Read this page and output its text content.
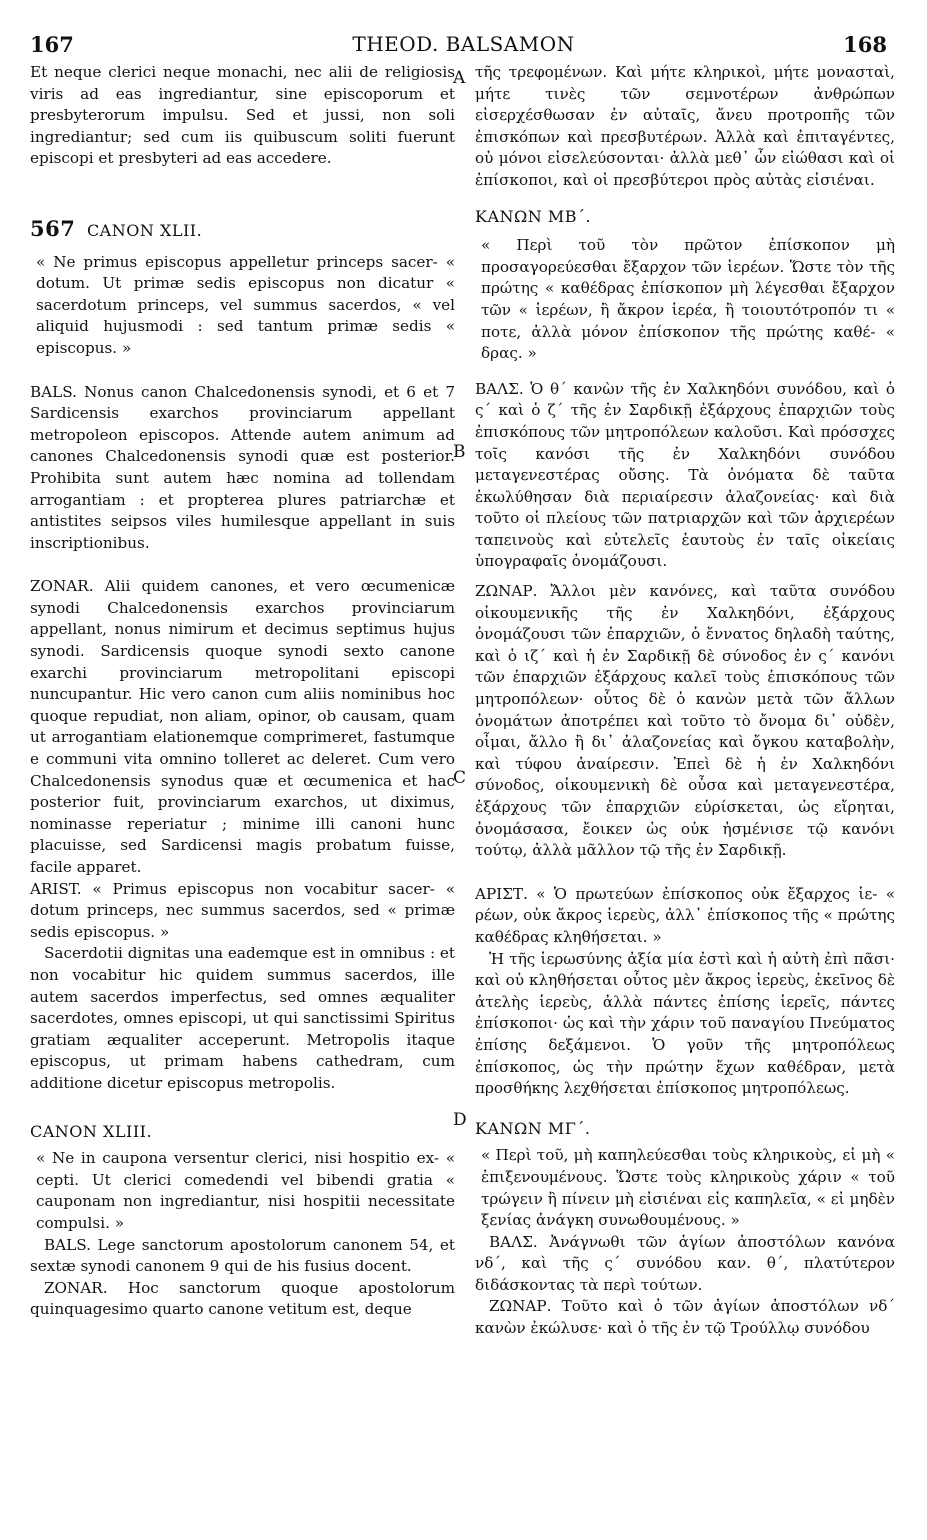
167	THEOD. BALSAMON	168
A
B
C
D

Et neque clerici neque monachi, nec alii de religiosis viris ad eas ingrediantur, sine episcoporum et presbyterorum impulsu. Sed et jussi, non soli ingrediantur; sed cum iis quibuscum soliti fuerunt episcopi et presbyteri ad eas accedere.

567 CANON XLII.

« Ne primus episcopus appelletur princeps sacer- « dotum. Ut primæ sedis episcopus non dicatur « sacerdotum princeps, vel summus sacerdos, « vel aliquid hujusmodi : sed tantum primæ sedis « episcopus. »

BALS. Nonus canon Chalcedonensis synodi, et 6 et 7 Sardicensis exarchos provinciarum appellant metropoleon episcopos. Attende autem animum ad canones Chalcedonensis synodi quæ est posterior. Prohibita sunt autem hæc nomina ad tollendam arrogantiam : et propterea plures patriarchæ et antistites seipsos viles humilesque appellant in suis inscriptionibus.

ZONAR. Alii quidem canones, et vero œcumenicæ synodi Chalcedonensis exarchos provinciarum appellant, nonus nimirum et decimus septimus hujus synodi. Sardicensis quoque synodi sexto canone exarchi provinciarum metropolitani episcopi nuncupantur. Hic vero canon cum aliis nominibus hoc quoque repudiat, non aliam, opinor, ob causam, quam ut arrogantiam elationemque comprimeret, fastumque e communi vita omnino tolleret ac deleret. Cum vero Chalcedonensis synodus quæ et œcumenica et hac posterior fuit, provinciarum exarchos, ut diximus, nominasse reperiatur ; minime illi canoni hunc placuisse, sed Sardicensi magis probatum fuisse, facile apparet.

ARIST. « Primus episcopus non vocabitur sacer- « dotum princeps, nec summus sacerdos, sed « primæ sedis episcopus. »

Sacerdotii dignitas una eademque est in omnibus : et non vocabitur hic quidem summus sacerdos, ille autem sacerdos imperfectus, sed omnes æqualiter sacerdotes, omnes episcopi, ut qui sanctissimi Spiritus gratiam æqualiter acceperunt. Metropolis itaque episcopus, ut primam habens cathedram, cum additione dicetur episcopus metropolis.

CANON XLIII.

« Ne in caupona versentur clerici, nisi hospitio ex- « cepti. Ut clerici comedendi vel bibendi gratia « cauponam non ingrediantur, nisi hospitii necessitate compulsi. »

BALS. Lege sanctorum apostolorum canonem 54, et sextæ synodi canonem 9 qui de his fusius docent.

ZONAR. Hoc sanctorum quoque apostolorum quinquagesimo quarto canone vetitum est, deque

τῆς τρεφομένων. Καὶ μήτε κληρικοὶ, μήτε μονασταὶ, μήτε τινὲς τῶν σεμνοτέρων ἀνθρώπων εἰσερχέσθωσαν ἐν αὐταῖς, ἄνευ προτροπῆς τῶν ἐπισκόπων καὶ πρεσβυτέρων. Ἀλλὰ καὶ ἐπιταγέντες, οὐ μόνοι εἰσελεύσονται· ἀλλὰ μεθ᾽ ὧν εἰώθασι καὶ οἱ ἐπίσκοποι, καὶ οἱ πρεσβύτεροι πρὸς αὐτὰς εἰσιέναι.

ΚΑΝΩΝ ΜΒ΄.

« Περὶ τοῦ τὸν πρῶτον ἐπίσκοπον μὴ προσαγορεύεσθαι ἔξαρχον τῶν ἱερέων. Ὥστε τὸν τῆς πρώτης « καθέδρας ἐπίσκοπον μὴ λέγεσθαι ἔξαρχον τῶν « ἱερέων, ἢ ἄκρον ἱερέα, ἢ τοιουτότροπόν τι « ποτε, ἀλλὰ μόνον ἐπίσκοπον τῆς πρώτης καθέ- « δρας. »

ΒΑΛΣ. Ὁ θ΄ κανὼν τῆς ἐν Χαλκηδόνι συνόδου, καὶ ὁ ς΄ καὶ ὁ ζ΄ τῆς ἐν Σαρδικῇ ἐξάρχους ἐπαρχιῶν τοὺς ἐπισκόπους τῶν μητροπόλεων καλοῦσι. Καὶ πρόσσχες τοῖς κανόσι τῆς ἐν Χαλκηδόνι συνόδου μεταγενεστέρας οὔσης. Τὰ ὀνόματα δὲ ταῦτα ἐκωλύθησαν διὰ περιαίρεσιν ἀλαζονείας· καὶ διὰ τοῦτο οἱ πλείους τῶν πατριαρχῶν καὶ τῶν ἀρχιερέων ταπεινοὺς καὶ εὐτελεῖς ἑαυτοὺς ἐν ταῖς οἰκείαις ὑπογραφαῖς ὀνομάζουσι.

ΖΩΝΑΡ. Ἄλλοι μὲν κανόνες, καὶ ταῦτα συνόδου οἰκουμενικῆς τῆς ἐν Χαλκηδόνι, ἐξάρχους ὀνομάζουσι τῶν ἐπαρχιῶν, ὁ ἔννατος δηλαδὴ ταύτης, καὶ ὁ ιζ΄ καὶ ἡ ἐν Σαρδικῇ δὲ σύνοδος ἐν ς΄ κανόνι τῶν ἐπαρχιῶν ἐξάρχους καλεῖ τοὺς ἐπισκόπους τῶν μητροπόλεων· οὗτος δὲ ὁ κανὼν μετὰ τῶν ἄλλων ὀνομάτων ἀποτρέπει καὶ τοῦτο τὸ ὄνομα δι᾽ οὐδὲν, οἶμαι, ἄλλο ἢ δι᾽ ἀλαζονείας καὶ ὄγκου καταβολὴν, καὶ τύφου ἀναίρεσιν. Ἐπεὶ δὲ ἡ ἐν Χαλκηδόνι σύνοδος, οἰκουμενικὴ δὲ οὖσα καὶ μεταγενεστέρα, ἐξάρχους τῶν ἐπαρχιῶν εὑρίσκεται, ὡς εἴρηται, ὀνομάσασα, ἔοικεν ὡς οὐκ ἠσμένισε τῷ κανόνι τούτῳ, ἀλλὰ μᾶλλον τῷ τῆς ἐν Σαρδικῇ.

ΑΡΙΣΤ. « Ὁ πρωτεύων ἐπίσκοπος οὐκ ἔξαρχος ἱε- « ρέων, οὐκ ἄκρος ἱερεὺς, ἀλλ᾽ ἐπίσκοπος τῆς « πρώτης καθέδρας κληθήσεται. »

Ἡ τῆς ἱερωσύνης ἀξία μία ἐστὶ καὶ ἡ αὐτὴ ἐπὶ πᾶσι· καὶ οὐ κληθήσεται οὗτος μὲν ἄκρος ἱερεὺς, ἐκεῖνος δὲ ἀτελὴς ἱερεὺς, ἀλλὰ πάντες ἐπίσης ἱερεῖς, πάντες ἐπίσκοποι· ὡς καὶ τὴν χάριν τοῦ παναγίου Πνεύματος ἐπίσης δεξάμενοι. Ὁ γοῦν τῆς μητροπόλεως ἐπίσκοπος, ὡς τὴν πρώτην ἔχων καθέδραν, μετὰ προσθήκης λεχθήσεται ἐπίσκοπος μητροπόλεως.

ΚΑΝΩΝ ΜΓ΄.

« Περὶ τοῦ, μὴ καπηλεύεσθαι τοὺς κληρικοὺς, εἰ μὴ « ἐπιξενουμένους. Ὥστε τοὺς κληρικοὺς χάριν « τοῦ τρώγειν ἢ πίνειν μὴ εἰσιέναι εἰς καπηλεῖα, « εἰ μηδὲν ξενίας ἀνάγκη συνωθουμένους. »

ΒΑΛΣ. Ἀνάγνωθι τῶν ἁγίων ἀποστόλων κανόνα νδ΄, καὶ τῆς ς΄ συνόδου καν. θ΄, πλατύτερον διδάσκοντας τὰ περὶ τούτων.

ΖΩΝΑΡ. Τοῦτο καὶ ὁ τῶν ἁγίων ἀποστόλων νδ΄ κανὼν ἐκώλυσε· καὶ ὁ τῆς ἐν τῷ Τρούλλῳ συνόδου
